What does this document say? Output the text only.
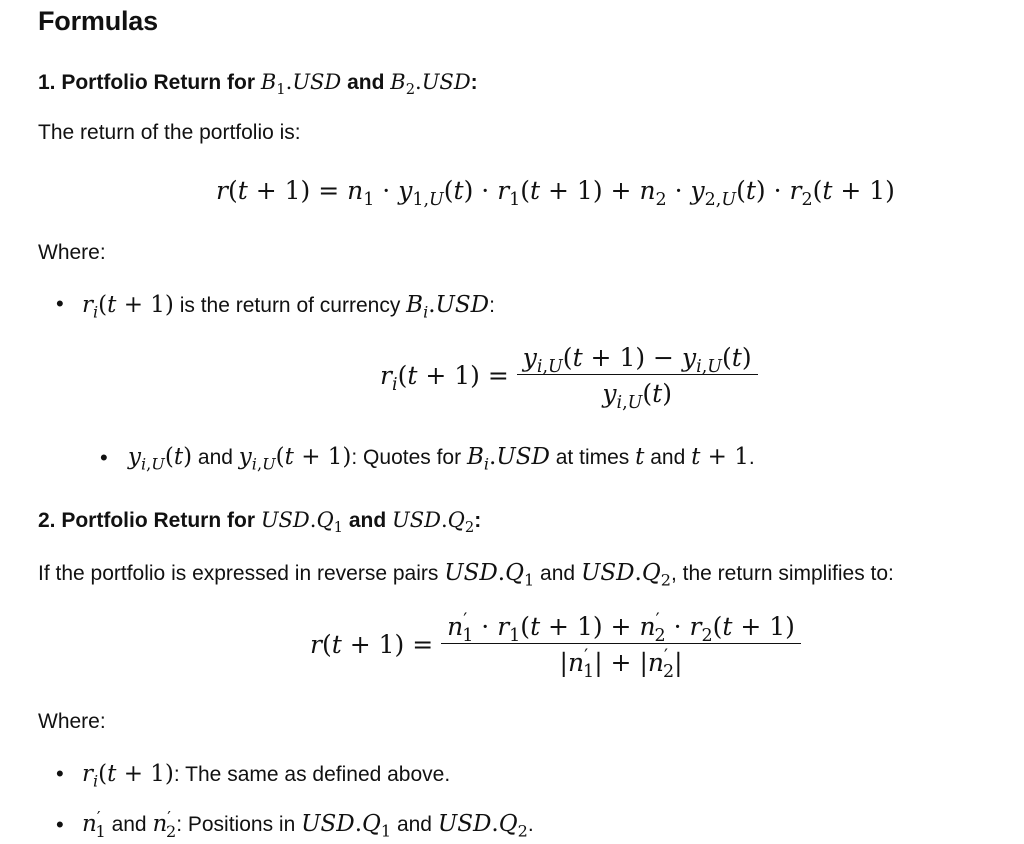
Formulas
1. Portfolio Return for $B_1.USD$ and $B_2.USD$:
The return of the portfolio is:
$r(t + 1) = n_1 \cdot y_{1,U}(t) \cdot r_1(t + 1) + n_2 \cdot y_{2,U}(t) \cdot r_2(t + 1)$
Where:
• $r_i(t + 1)$ is the return of currency $B_i.USD$:
$r_i(t + 1) = \frac{y_{i,U}(t + 1) - y_{i,U}(t)}{y_{i,U}(t)}$
• $y_{i,U}(t)$ and $y_{i,U}(t + 1)$: Quotes for $B_i.USD$ at times t and t + 1.
2. Portfolio Return for $USD.Q_1$ and $USD.Q_2$:
If the portfolio is expressed in reverse pairs $USD.Q_1$ and $USD.Q_2$, the return simplifies to:
$r(t + 1) = \frac{n'_1 \cdot r_1(t + 1) + n'_2 \cdot r_2(t + 1)}{|n'_1| + |n'_2|}$
Where:
• $r_i(t + 1)$: The same as defined above.
• $n'_1$ and $n'_2$: Positions in $USD.Q_1$ and $USD.Q_2$.
